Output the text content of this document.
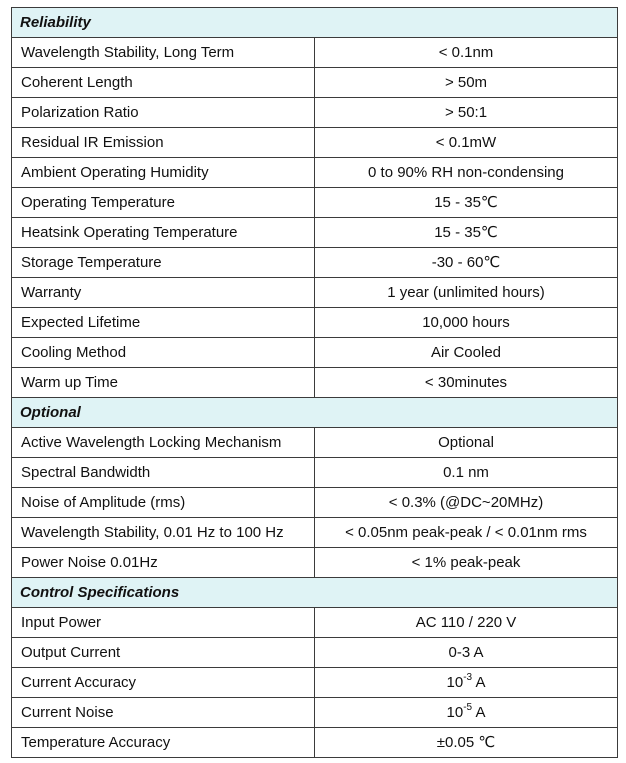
Reliability	
Wavelength Stability, Long Term	< 0.1nm
Coherent Length	> 50m
Polarization Ratio	> 50:1
Residual IR Emission	< 0.1mW
Ambient Operating Humidity	0 to 90% RH non-condensing
Operating Temperature	15 - 35℃
Heatsink Operating Temperature	15 - 35℃
Storage Temperature	-30 - 60℃
Warranty	1 year (unlimited hours)
Expected Lifetime	10,000 hours
Cooling Method	Air Cooled
Warm up Time	< 30minutes
Optional	
Active Wavelength Locking Mechanism	Optional
Spectral Bandwidth	0.1 nm
Noise of Amplitude (rms)	< 0.3% (@DC~20MHz)
Wavelength Stability, 0.01 Hz to 100 Hz	< 0.05nm peak-peak / < 0.01nm rms
Power Noise 0.01Hz	< 1% peak-peak
Control Specifications	
Input Power	AC 110 / 220 V
Output Current	0-3 A
Current Accuracy	$10^{-3}$ A
Current Noise	$10^{-5}$ A
Temperature Accuracy	±0.05 ℃
